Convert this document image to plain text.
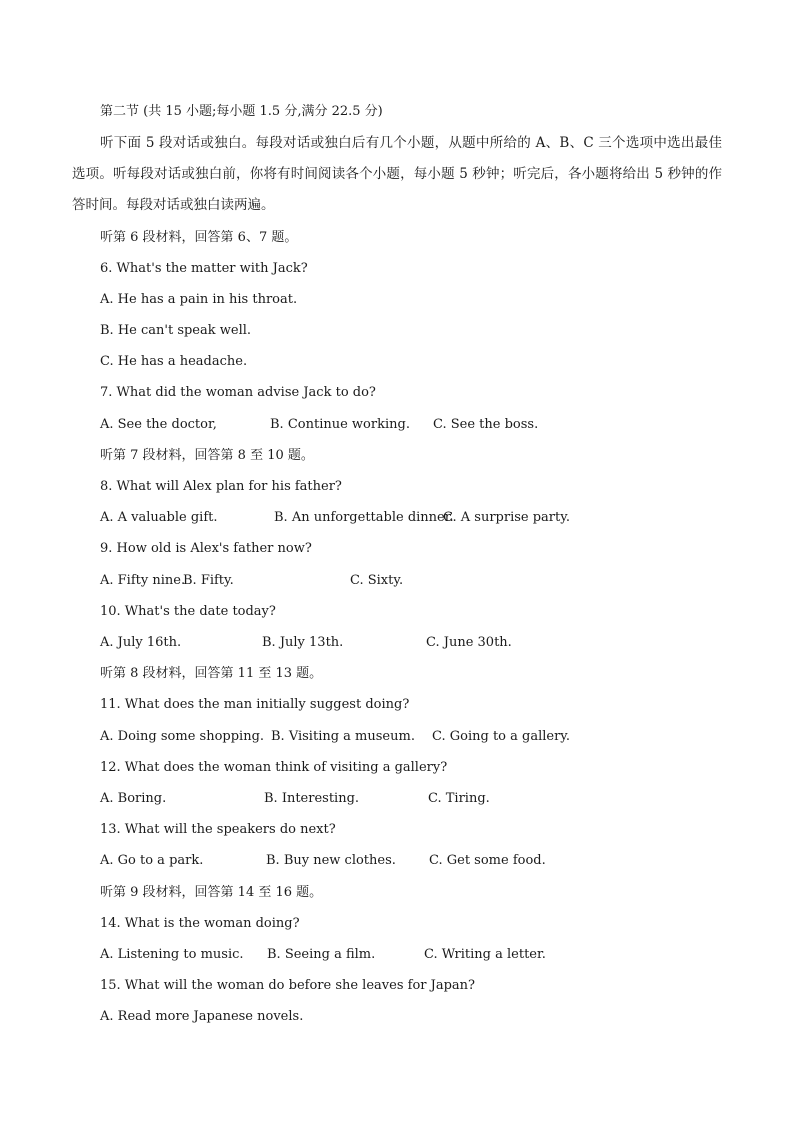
第二节 (共 15 小题;每小题 1.5 分,满分 22.5 分)
听下面 5 段对话或独白。每段对话或独白后有几个小题，从题中所给的 A、B、C 三个选项中选出最佳选项。听每段对话或独白前，你将有时间阅读各个小题，每小题 5 秒钟；听完后，各小题将给出 5 秒钟的作答时间。每段对话或独白读两遍。
听第 6 段材料，回答第 6、7 题。
6. What's the matter with Jack?
A. He has a pain in his throat.
B. He can't speak well.
C. He has a headache.
7. What did the woman advise Jack to do?
A. See the doctor,	B. Continue working. C. See the boss.
听第 7 段材料，回答第 8 至 10 题。
8. What will Alex plan for his father?
A. A valuable gift.	B. An unforgettable dinner.
C. A surprise party.
9. How old is Alex's father now?
A. Fifty nine.
B. Fifty.	C. Sixty.
10. What's the date today?
A. July 16th.	B. July 13th.	C. June 30th.
听第 8 段材料，回答第 11 至 13 题。
11. What does the man initially suggest doing?
A. Doing some shopping. B. Visiting a museum. C. Going to a gallery.
12. What does the woman think of visiting a gallery?
A. Boring.	B. Interesting.	C. Tiring.
13. What will the speakers do next?
A. Go to a park.	B. Buy new clothes.	C. Get some food.
听第 9 段材料，回答第 14 至 16 题。
14. What is the woman doing?
A. Listening to music. B. Seeing a film.	C. Writing a letter.
15. What will the woman do before she leaves for Japan?
A. Read more Japanese novels.
